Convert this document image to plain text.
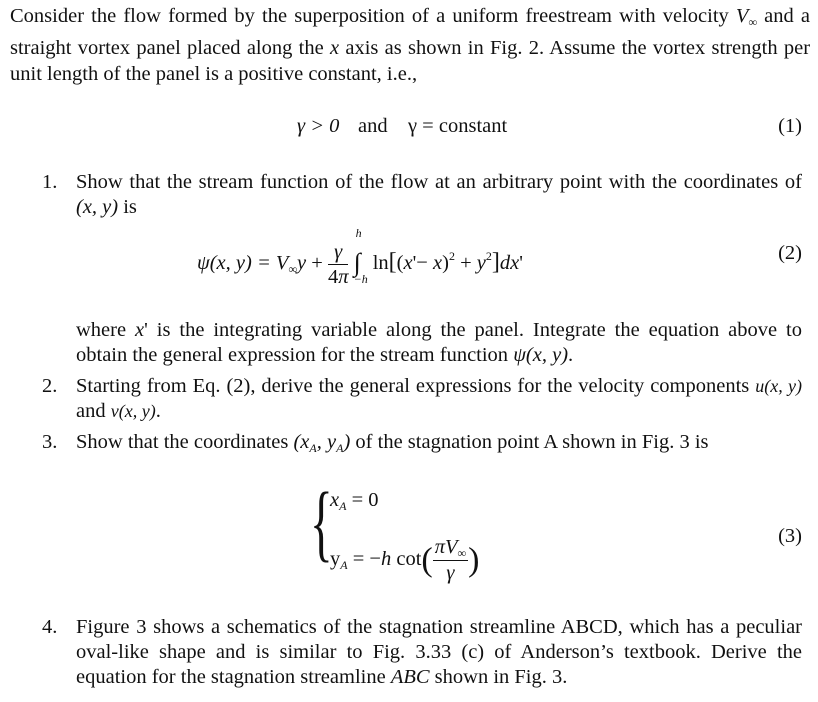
Consider the flow formed by the superposition of a uniform freestream with velocity $V_\infty$ and a straight vortex panel placed along the x axis as shown in Fig. 2. Assume the vortex strength per unit length of the panel is a positive constant, i.e.,
γ > 0 and γ = constant	(1)
1. Show that the stream function of the flow at an arbitrary point with the coordinates of (x, y) is
ψ(x, $y) = V_\infty y + \frac{\gamma}{4\pi}$

h
∫
−h
$\ln[(x'- x)^2 + y^2]dx'$	(2)
where x' is the integrating variable along the panel. Integrate the equation above to obtain the general expression for the stream function ψ(x, y).
2. Starting from Eq. (2), derive the general expressions for the velocity components u(x, y) and v(x, y).
3. Show that the coordinates ($x_A$, $y_A$) of the stagnation point A shown in Fig. 3 is
{
$x_A = 0$
$y_A = -h$ $\cot( \frac{\pi V_\infty}{\gamma}$ )
(3)
4. Figure 3 shows a schematics of the stagnation streamline ABCD, which has a peculiar oval-like shape and is similar to Fig. 3.33 (c) of Anderson’s textbook. Derive the equation for the stagnation streamline ABC shown in Fig. 3.
